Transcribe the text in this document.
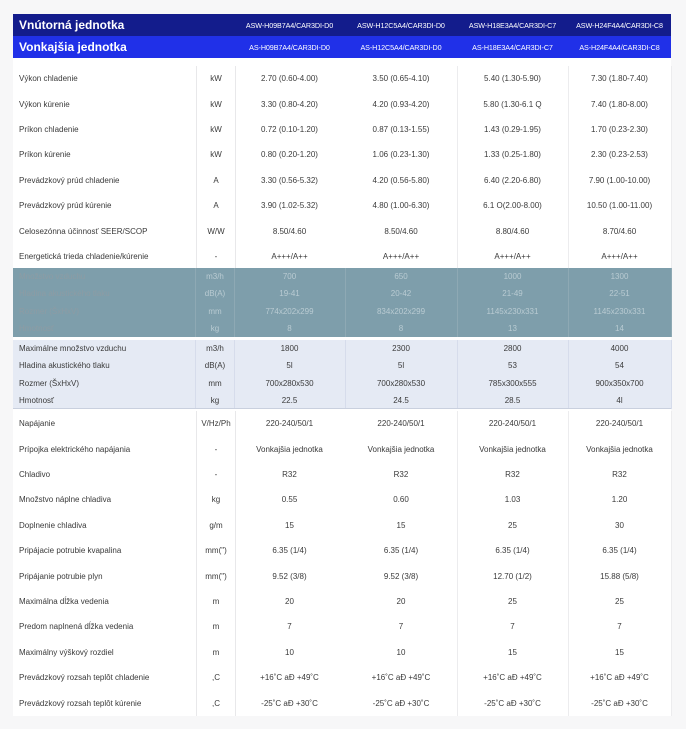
Vnútorná jednotka	ASW-H09B7A4/CAR3DI-D0	ASW-H12C5A4/CAR3DI-D0	ASW-H18E3A4/CAR3DI-C7	ASW-H24F4A4/CAR3DI-C8
Vonkajšia jednotka	AS-H09B7A4/CAR3DI-D0	AS-H12C5A4/CAR3DI-D0	AS-H18E3A4/CAR3DI-C7	AS-H24F4A4/CAR3DI-C8
Výkon chladenie	kW	2.70 (0.60-4.00)	3.50 (0.65-4.10)	5.40 (1.30-5.90)	7.30 (1.80-7.40)
Výkon kúrenie	kW	3.30 (0.80-4.20)	4.20 (0.93-4.20)	5.80 (1.30-6.1 Q	7.40 (1.80-8.00)
Príkon chladenie	kW	0.72 (0.10-1.20)	0.87 (0.13-1.55)	1.43 (0.29-1.95)	1.70 (0.23-2.30)
Príkon kúrenie	kW	0.80 (0.20-1.20)	1.06 (0.23-1.30)	1.33 (0.25-1.80)	2.30 (0.23-2.53)
Prevádzkový prúd chladenie	A	3.30 (0.56-5.32)	4.20 (0.56-5.80)	6.40 (2.20-6.80)	7.90 (1.00-10.00)
Prevádzkový prúd kúrenie	A	3.90 (1.02-5.32)	4.80 (1.00-6.30)	6.1 O(2.00-8.00)	10.50 (1.00-11.00)
Celosezónna účinnosť SEER/SCOP	W/W	8.50/4.60	8.50/4.60	8.80/4.60	8.70/4.60
Energetická trieda chladenie/kúrenie	-	A+++/A++	A+++/A++	A+++/A++	A+++/A++
Množstvo vzduchu	m3/h	700	650	1000	1300
Hladina akustického tlaku	dB(A)	19-41	20-42	21-49	22-51
Rozmer (ŠxHxV)	mm	774x202x299	834x202x299	1145x230x331	1145x230x331
Hmotnosť	kg	8	8	13	14
Maximálne množstvo vzduchu	m3/h	1800	2300	2800	4000
Hladina akustického tlaku	dB(A)	5l	5l	53	54
Rozmer (ŠxHxV)	mm	700x280x530	700x280x530	785x300x555	900x350x700
Hmotnosť	kg	22.5	24.5	28.5	4l
Napájanie	V/Hz/Ph	220-240/50/1	220-240/50/1	220-240/50/1	220-240/50/1
Prípojka elektrického napájania	-	Vonkajšia jednotka	Vonkajšia jednotka	Vonkajšia jednotka	Vonkajšia jednotka
Chladivo	-	R32	R32	R32	R32
Množstvo náplne chladiva	kg	0.55	0.60	1.03	1.20
Doplnenie chladiva	g/m	15	15	25	30
Pripájacie potrubie kvapalina	mm(")	6.35 (1/4)	6.35 (1/4)	6.35 (1/4)	6.35 (1/4)
Pripájanie potrubie plyn	mm(")	9.52 (3/8)	9.52 (3/8)	12.70 (1/2)	15.88 (5/8)
Maximálna dĺžka vedenia	m	20	20	25	25
Predom naplnená dĺžka vedenia	m	7	7	7	7
Maximálny výškový rozdiel	m	10	10	15	15
Prevádzkový rozsah teplôt chladenie	,C	+16˚C aĐ +49˚C	+16˚C aĐ +49˚C	+16˚C aĐ +49˚C	+16˚C aĐ +49˚C
Prevádzkový rozsah teplôt kúrenie	,C	-25˚C aĐ +30˚C	-25˚C aĐ +30˚C	-25˚C aĐ +30˚C	-25˚C aĐ +30˚C
